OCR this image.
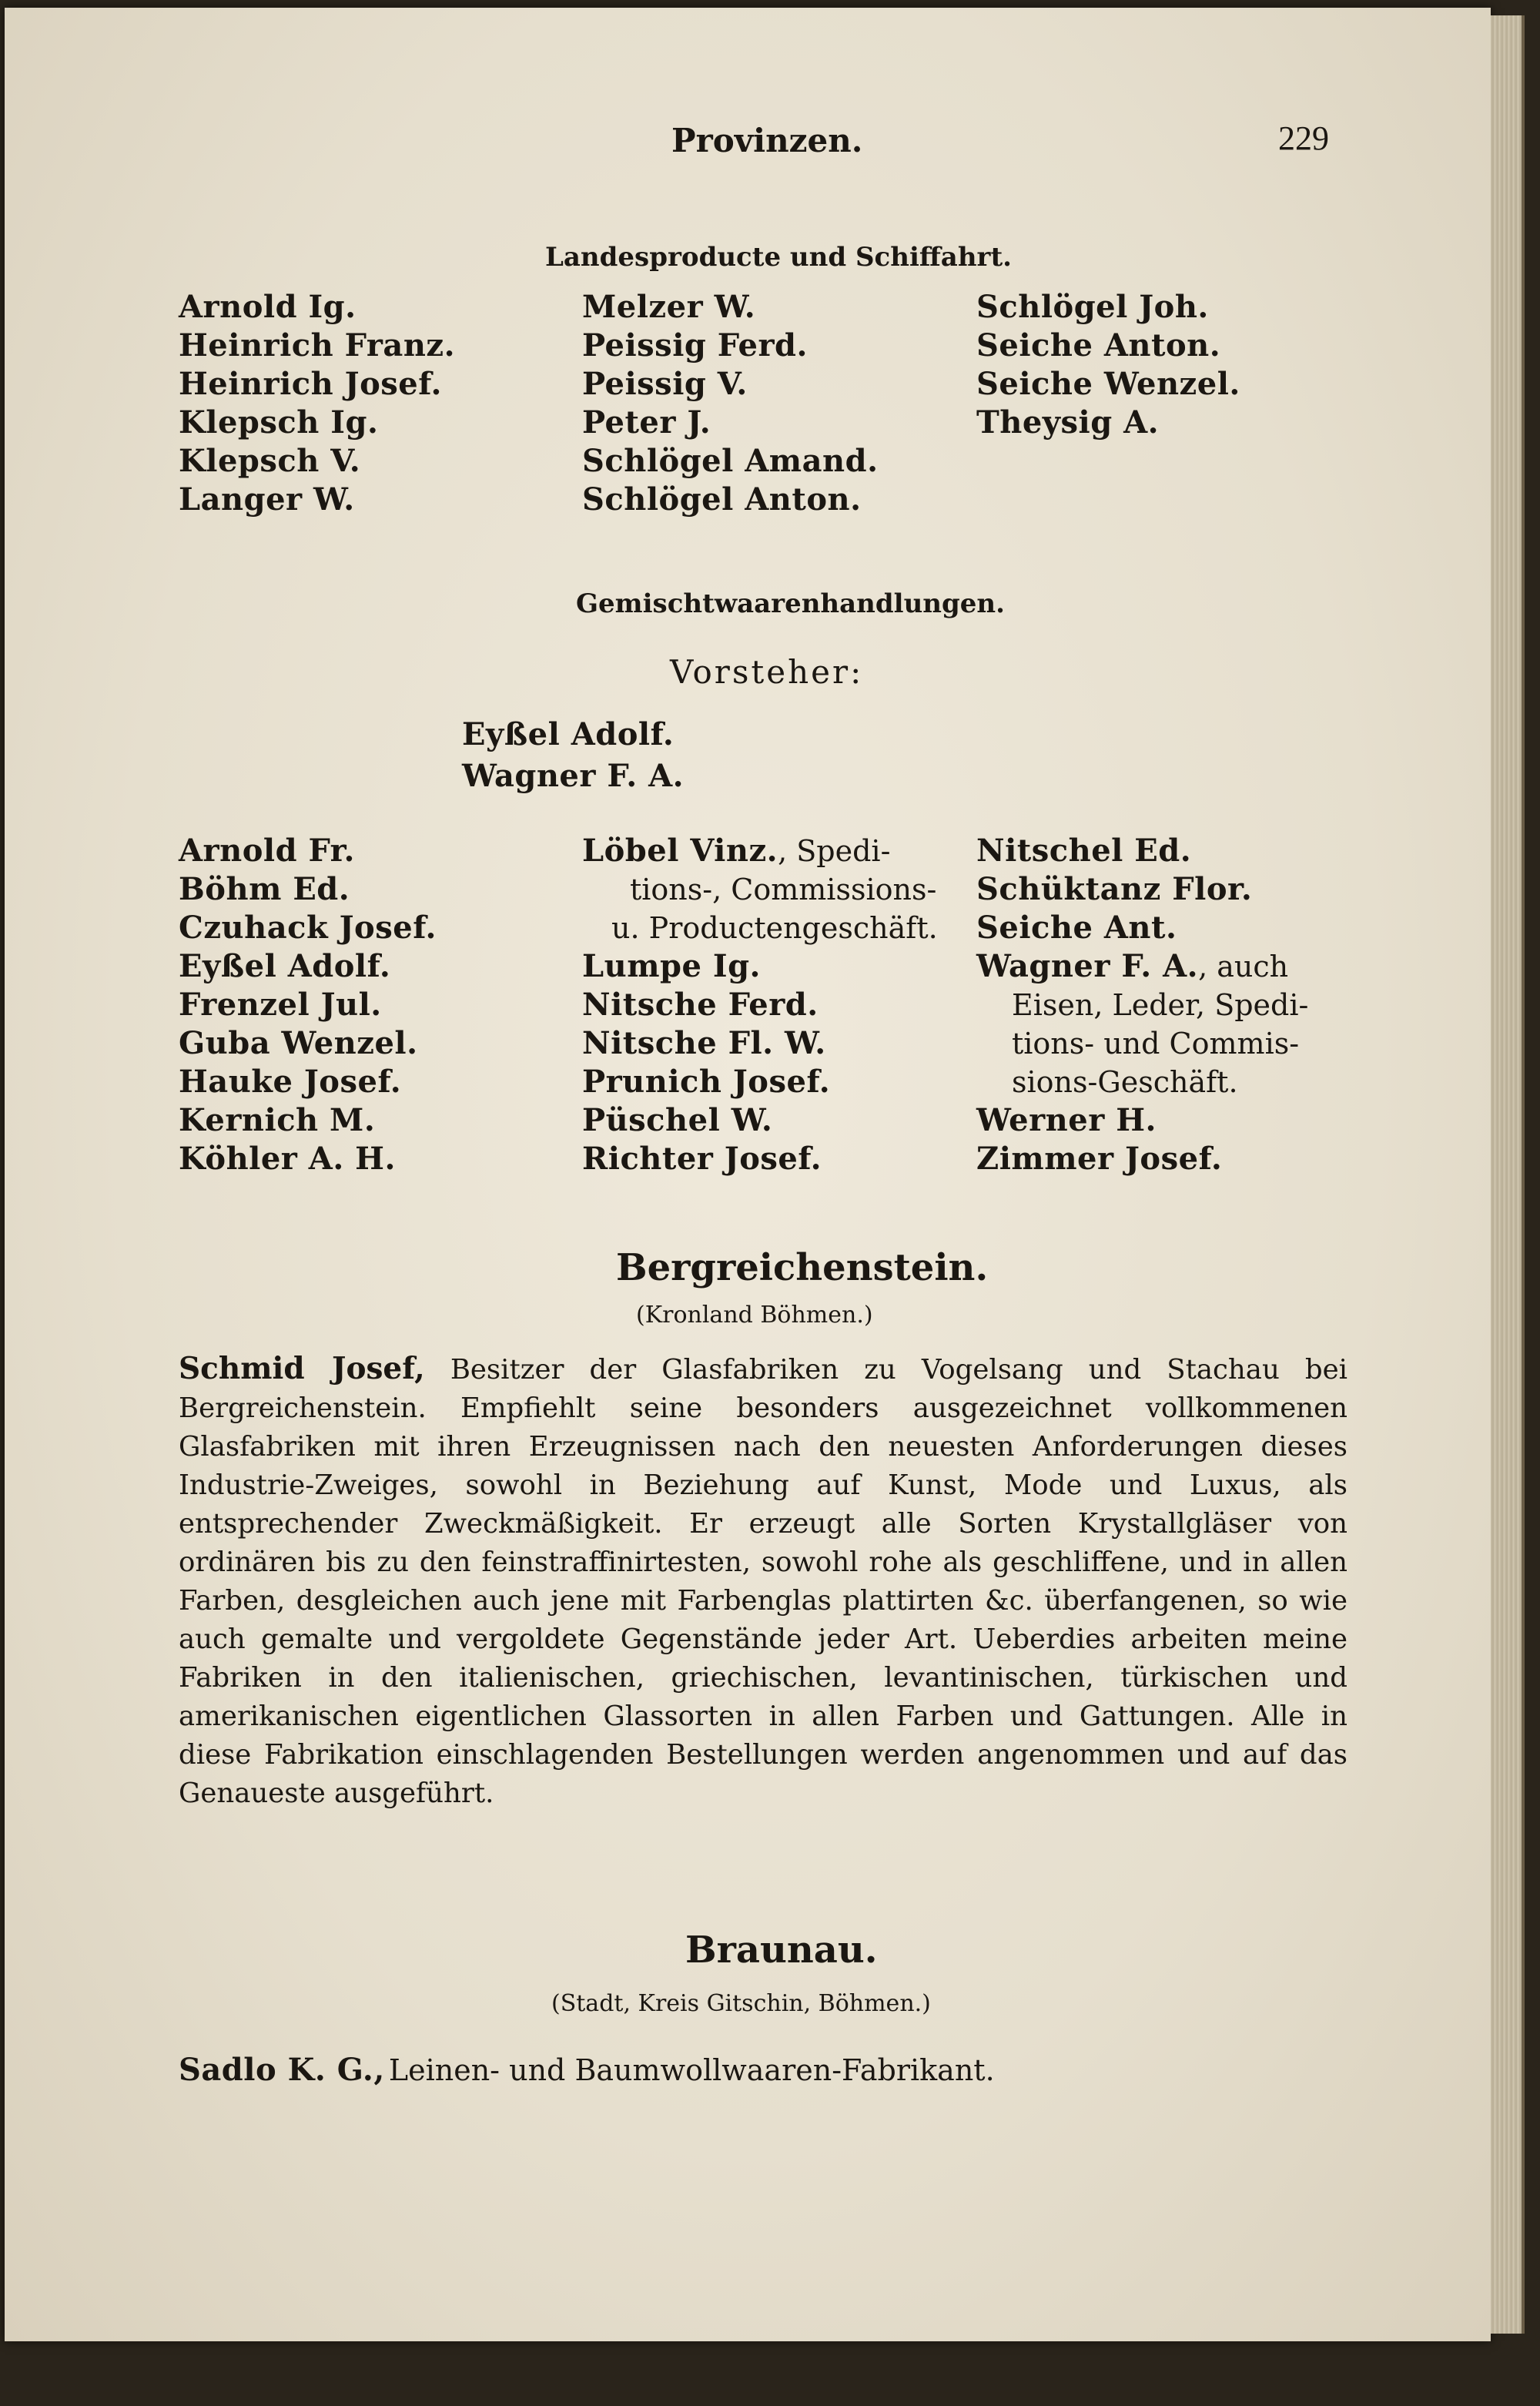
Provinzen.	229

Landesproducte und Schiffahrt.

Arnold Ig.
Heinrich Franz.
Heinrich Josef.
Klepsch Ig.
Klepsch V.
Langer W.
Melzer W.
Peissig Ferd.
Peissig V.
Peter J.
Schlögel Amand.
Schlögel Anton.
Schlögel Joh.
Seiche Anton.
Seiche Wenzel.
Theysig A.

Gemischtwaarenhandlungen.

Vorsteher:

Eyßel Adolf.

Wagner F. A.

Arnold Fr.
Böhm Ed.
Czuhack Josef.
Eyßel Adolf.
Frenzel Jul.
Guba Wenzel.
Hauke Josef.
Kernich M.
Köhler A. H.
Löbel Vinz., Spedi-
tions-, Commissions-
u. Productengeschäft.
Lumpe Ig.
Nitsche Ferd.
Nitsche Fl. W.
Prunich Josef.
Püschel W.
Richter Josef.
Nitschel Ed.
Schüktanz Flor.
Seiche Ant.
Wagner F. A., auch
Eisen, Leder, Spedi-
tions- und Commis-
sions-Geschäft.
Werner H.
Zimmer Josef.

Bergreichenstein.

(Kronland Böhmen.)

Schmid Josef, Besitzer der Glasfabriken zu Vogelsang und Stachau bei Bergreichenstein. Empfiehlt seine besonders ausgezeichnet vollkommenen Glasfabriken mit ihren Erzeugnissen nach den neuesten Anforderungen dieses Industrie-Zweiges, sowohl in Beziehung auf Kunst, Mode und Luxus, als entsprechender Zweckmäßigkeit. Er erzeugt alle Sorten Krystallgläser von ordinären bis zu den feinstraffinirtesten, sowohl rohe als geschliffene, und in allen Farben, desgleichen auch jene mit Farbenglas plattirten &c. überfangenen, so wie auch gemalte und vergoldete Gegenstände jeder Art. Ueberdies arbeiten meine Fabriken in den italienischen, griechischen, levantinischen, türkischen und amerikanischen eigentlichen Glassorten in allen Farben und Gattungen. Alle in diese Fabrikation einschlagenden Bestellungen werden angenommen und auf das Genaueste ausgeführt.

Braunau.

(Stadt, Kreis Gitschin, Böhmen.)

Sadlo K. G., Leinen- und Baumwollwaaren-Fabrikant.
